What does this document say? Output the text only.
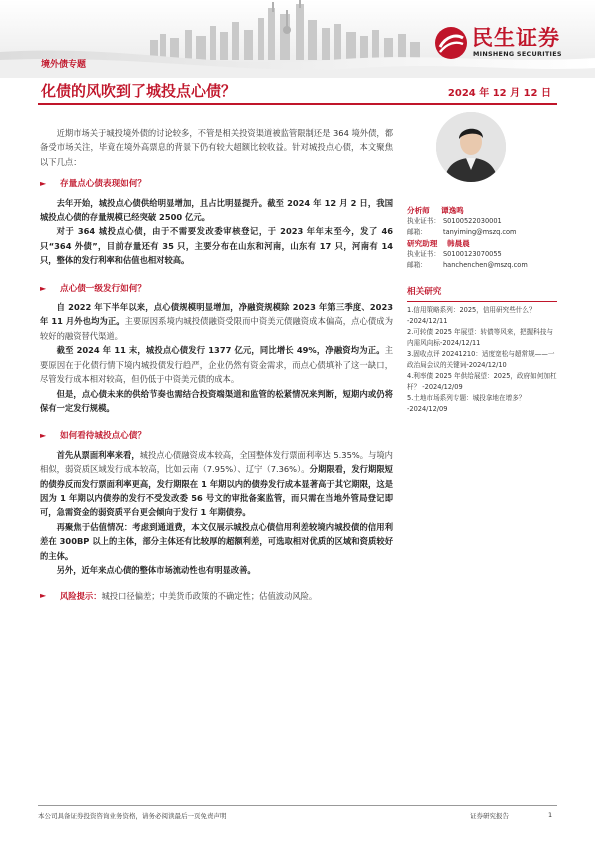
民生证券
MINSHENG SECURITIES
境外债专题
化债的风吹到了城投点心债？	2024 年 12 月 12 日

近期市场关于城投境外债的讨论较多，不管是相关投资渠道被监管限制还是 364 境外债，都备受市场关注，毕竟在境外高票息的背景下仍有较大超额比较收益。针对城投点心债，本文聚焦以下几点：

►	存量点心债表现如何？

去年开始，城投点心债供给明显增加，且占比明显提升。截至 2024 年 12 月 2 日，我国城投点心债的存量规模已经突破 2500 亿元。

对于 364 城投点心债，由于不需要发改委审核登记，于 2023 年年末至今，发了 46 只“364 外债”，目前存量还有 35 只，主要分布在山东和河南，山东有 17 只，河南有 14 只，整体的发行利率和估值也相对较高。

►	点心债一级发行如何？

自 2022 年下半年以来，点心债规模明显增加，净融资规模除 2023 年第三季度、2023 年 11 月外也均为正。主要原因系境内城投债融资受限而中资美元债融资成本偏高，点心债成为较好的融资替代渠道。

截至 2024 年 11 末，城投点心债发行 1377 亿元，同比增长 49%，净融资均为正。主要原因在于化债行情下境内城投债发行趋严，企业仍然有资金需求，而点心债填补了这一缺口，尽管发行成本相对较高，但仍低于中资美元债的成本。

但是，点心债未来的供给节奏也需结合投资端渠道和监管的松紧情况来判断，短期内或仍将保有一定发行规模。

►	如何看待城投点心债？

首先从票面利率来看，城投点心债融资成本较高，全国整体发行票面利率达 5.35%。与境内相似，弱资质区域发行成本较高，比如云南（7.95%）、辽宁（7.36%）。分期限看，发行期限短的债券反而发行票面利率更高，发行期限在 1 年期以内的债券发行成本显著高于其它期限，这是因为 1 年期以内债券的发行不受发改委 56 号文的审批备案监管，而只需在当地外管局登记即可，急需资金的弱资质平台更会倾向于发行 1 年期债券。

再聚焦于估值情况：考虑到通道费，本文仅展示城投点心债信用利差较境内城投债的信用利差在 300BP 以上的主体，部分主体还有比较厚的超额利差，可选取相对优质的区域和资质较好的主体。

另外，近年来点心债的整体市场流动性也有明显改善。

►	风险提示： 城投口径偏差；中美货币政策的不确定性；估值波动风险。
分析师	谭逸鸣
执业证书： S0100522030001
邮箱：	tanyiming@mszq.com
研究助理	韩晨晨
执业证书： S0100123070055
邮箱：	hanchenchen@mszq.com
相关研究
1.信用策略系列：2025，信用研究些什么？ -2024/12/11
2.可转债 2025 年展望：转债等风来，把握科技与内需风向标-2024/12/11
3.固收点评 20241210：适度宽松与超常规——一政治局会议的关键词-2024/12/10
4.利率债 2025 年供给展望：2025，政府如何加杠杆？ -2024/12/09
5.土地市场系列专题：城投拿地在增多？ -2024/12/09
本公司具备证券投资咨询业务资格，请务必阅读最后一页免责声明	证券研究报告	1
